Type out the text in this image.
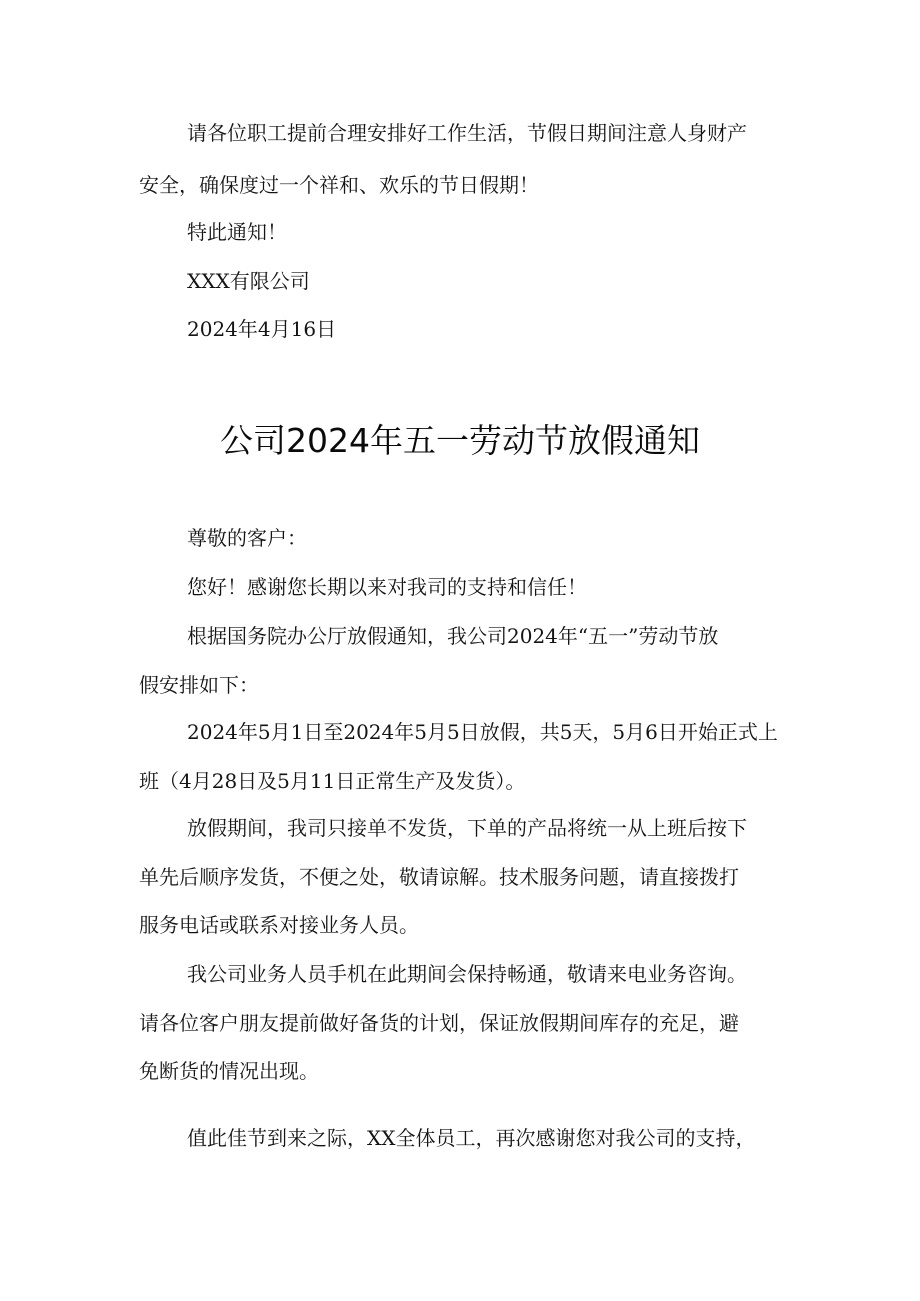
请各位职工提前合理安排好工作生活，节假日期间注意人身财产
安全，确保度过一个祥和、欢乐的节日假期！
特此通知！
XXX有限公司
2024年4月16日
公司2024年五一劳动节放假通知
尊敬的客户：
您好！感谢您长期以来对我司的支持和信任！
根据国务院办公厅放假通知，我公司2024年“五一”劳动节放
假安排如下：
2024年5月1日至2024年5月5日放假，共5天，5月6日开始正式上
班（4月28日及5月11日正常生产及发货）。
放假期间，我司只接单不发货，下单的产品将统一从上班后按下
单先后顺序发货，不便之处，敬请谅解。技术服务问题，请直接拨打
服务电话或联系对接业务人员。
我公司业务人员手机在此期间会保持畅通，敬请来电业务咨询。
请各位客户朋友提前做好备货的计划，保证放假期间库存的充足，避
免断货的情况出现。
值此佳节到来之际，XX全体员工，再次感谢您对我公司的支持，
